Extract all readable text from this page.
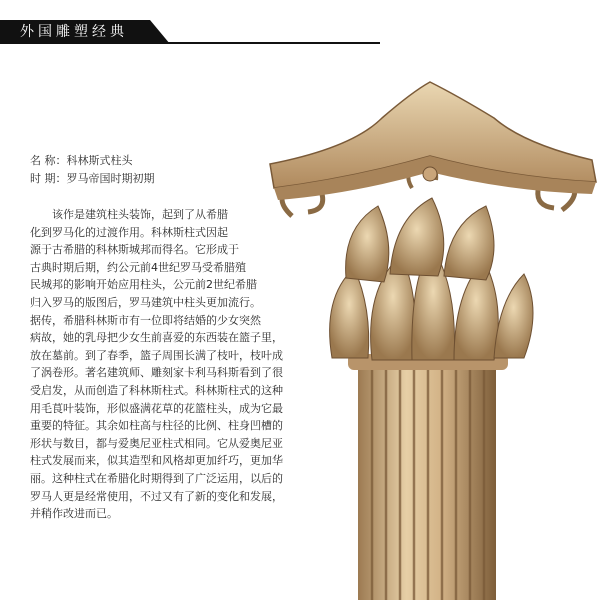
外国雕塑经典
名 称：科林斯式柱头
时 期：罗马帝国时期初期
该作是建筑柱头装饰，起到了从希腊
化到罗马化的过渡作用。科林斯柱式因起
源于古希腊的科林斯城邦而得名。它形成于
古典时期后期，约公元前4世纪罗马受希腊殖
民城邦的影响开始应用柱头，公元前2世纪希腊
归入罗马的版图后，罗马建筑中柱头更加流行。
据传，希腊科林斯市有一位即将结婚的少女突然
病故，她的乳母把少女生前喜爱的东西装在篮子里，
放在墓前。到了春季，篮子周围长满了枝叶，枝叶成
了涡卷形。著名建筑师、雕刻家卡利马科斯看到了很
受启发，从而创造了科林斯柱式。科林斯柱式的这种
用毛茛叶装饰，形似盛满花草的花篮柱头，成为它最
重要的特征。其余如柱高与柱径的比例、柱身凹槽的
形状与数目，都与爱奥尼亚柱式相同。它从爱奥尼亚
柱式发展而来，似其造型和风格却更加纤巧，更加华
丽。这种柱式在希腊化时期得到了广泛运用，以后的
罗马人更是经常使用，不过又有了新的变化和发展，
并稍作改进而已。
